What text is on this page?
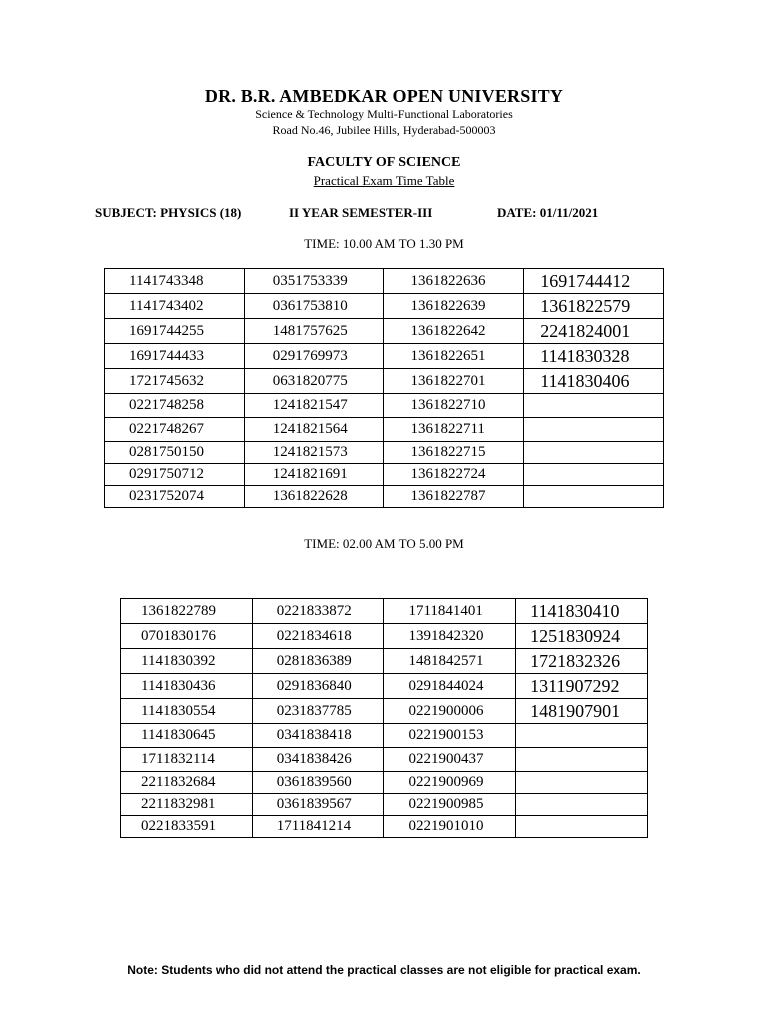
DR. B.R. AMBEDKAR OPEN UNIVERSITY
Science & Technology Multi-Functional Laboratories
Road No.46, Jubilee Hills, Hyderabad-500003
FACULTY OF SCIENCE
Practical Exam Time Table
SUBJECT: PHYSICS (18)	II YEAR SEMESTER-III	DATE: 01/11/2021
TIME: 10.00 AM TO 1.30 PM
1141743348	0351753339	1361822636	1691744412
1141743402	0361753810	1361822639	1361822579
1691744255	1481757625	1361822642	2241824001
1691744433	0291769973	1361822651	1141830328
1721745632	0631820775	1361822701	1141830406
0221748258	1241821547	1361822710	
0221748267	1241821564	1361822711	
0281750150	1241821573	1361822715	
0291750712	1241821691	1361822724	
0231752074	1361822628	1361822787	
TIME: 02.00 AM TO 5.00 PM
1361822789	0221833872	1711841401	1141830410
0701830176	0221834618	1391842320	1251830924
1141830392	0281836389	1481842571	1721832326
1141830436	0291836840	0291844024	1311907292
1141830554	0231837785	0221900006	1481907901
1141830645	0341838418	0221900153	
1711832114	0341838426	0221900437	
2211832684	0361839560	0221900969	
2211832981	0361839567	0221900985	
0221833591	1711841214	0221901010	
Note: Students who did not attend the practical classes are not eligible for practical exam.
